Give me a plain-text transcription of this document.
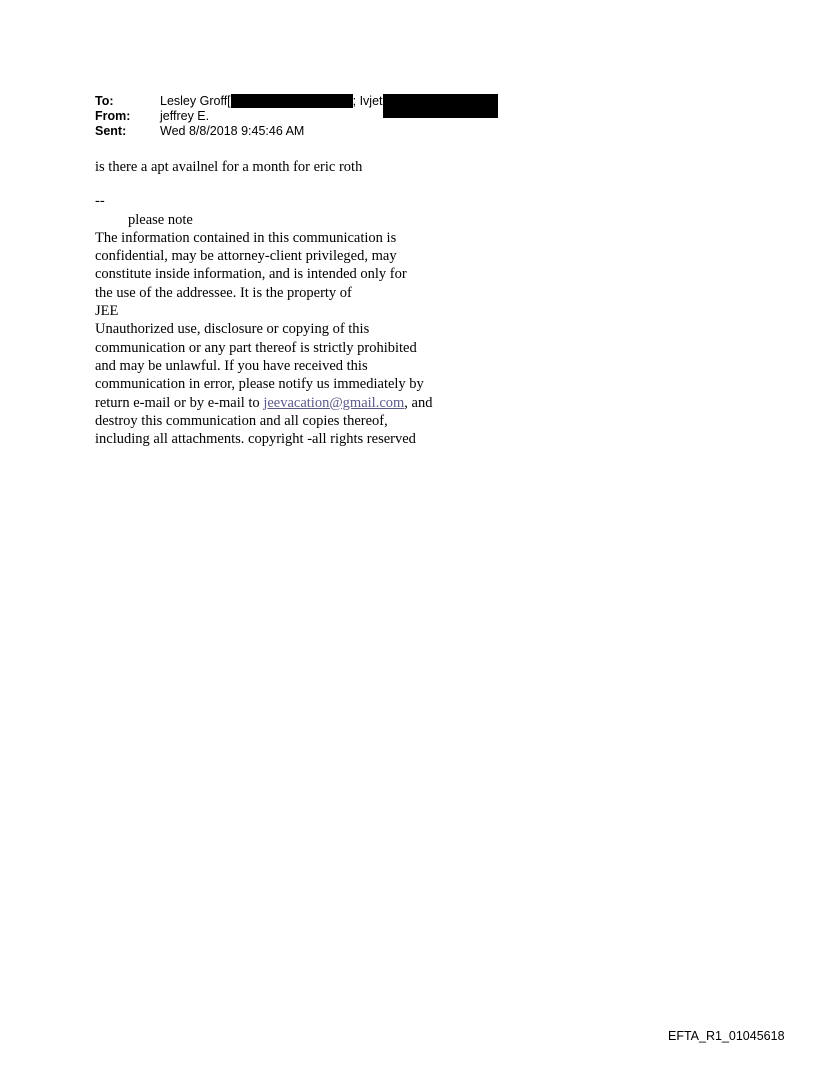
To:	Lesley Groff[	; Ivjet
From: jeffrey E.
Sent:	Wed 8/8/2018 9:45:46 AM
is there a apt availnel for a month for eric roth
--
please note
The information contained in this communication is
confidential, may be attorney-client privileged, may
constitute inside information, and is intended only for
the use of the addressee. It is the property of
JEE
Unauthorized use, disclosure or copying of this
communication or any part thereof is strictly prohibited
and may be unlawful. If you have received this
communication in error, please notify us immediately by
return e-mail or by e-mail to jeevacation@gmail.com, and
destroy this communication and all copies thereof,
including all attachments. copyright -all rights reserved
EFTA_R1_01045618
